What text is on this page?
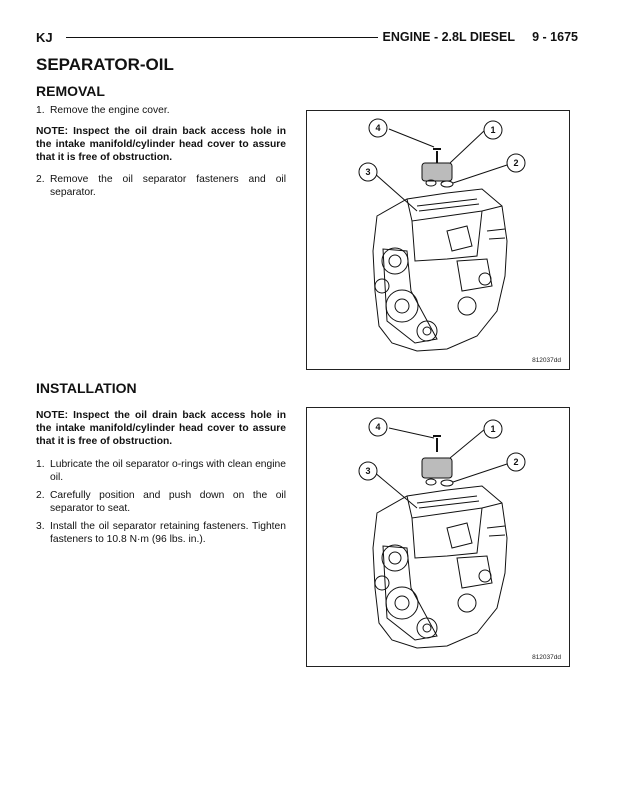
KJ	ENGINE - 2.8L DIESEL     9 - 1675
SEPARATOR-OIL
REMOVAL
1. Remove the engine cover.
NOTE: Inspect the oil drain back access hole in the intake manifold/cylinder head cover to assure that it is free of obstruction.
2. Remove the oil separator fasteners and oil separator.
4	1
2
3
812037dd
INSTALLATION
NOTE: Inspect the oil drain back access hole in the intake manifold/cylinder head cover to assure that it is free of obstruction.
1. Lubricate the oil separator o-rings with clean engine oil.
2. Carefully position and push down on the oil separator to seat.
3. Install the oil separator retaining fasteners. Tighten fasteners to 10.8 N·m (96 lbs. in.).
4	1
2
3
812037dd
